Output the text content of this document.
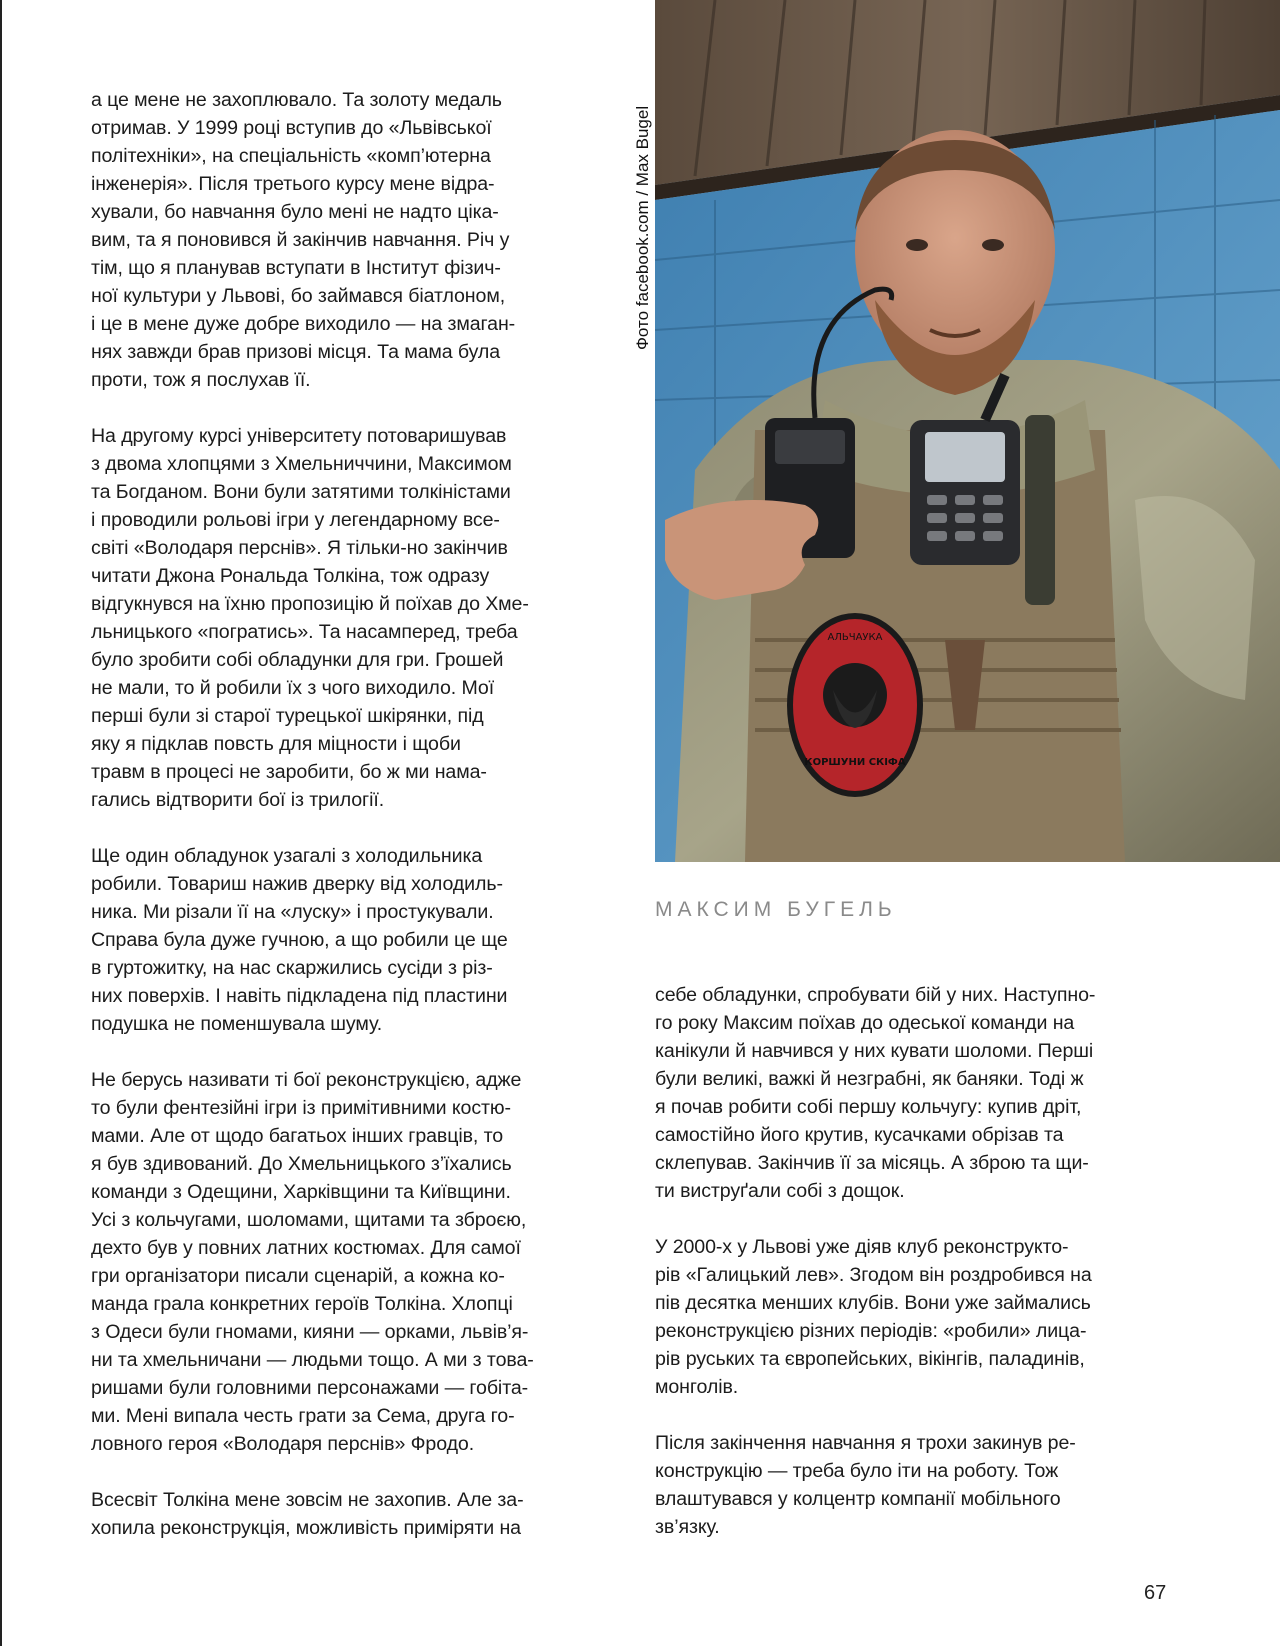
а це мене не захоплювало. Та золоту медаль
отримав. У 1999 році вступив до «Львівської
політехніки», на спеціальність «комп’ютерна
інженерія». Після третього курсу мене відра-
хували, бо навчання було мені не надто ціка-
вим, та я поновився й закінчив навчання. Річ у
тім, що я планував вступати в Інститут фізич-
ної культури у Львові, бо займався біатлоном,
і це в мене дуже добре виходило — на змаган-
нях завжди брав призові місця. Та мама була
проти, тож я послухав її.
На другому курсі університету потоваришував
з двома хлопцями з Хмельниччини, Максимом
та Богданом. Вони були затятими толкіністами
і проводили рольові ігри у легендарному все-
світі «Володаря перснів». Я тільки-но закінчив
читати Джона Рональда Толкіна, тож одразу
відгукнувся на їхню пропозицію й поїхав до Хме-
льницького «погратись». Та насамперед, треба
було зробити собі обладунки для гри. Грошей
не мали, то й робили їх з чого виходило. Мої
перші були зі старої турецької шкірянки, під
яку я підклав повсть для міцности і щоби
травм в процесі не заробити, бо ж ми нама-
гались відтворити бої із трилогії.
Ще один обладунок узагалі з холодильника
робили. Товариш нажив дверку від холодиль-
ника. Ми різали її на «луску» і простукували.
Справа була дуже гучною, а що робили це ще
в гуртожитку, на нас скаржились сусіди з різ-
них поверхів. І навіть підкладена під пластини
подушка не поменшувала шуму.
Не берусь називати ті бої реконструкцією, адже
то були фентезійні ігри із примітивними костю-
мами. Але от щодо багатьох інших гравців, то
я був здивований. До Хмельницького з’їхались
команди з Одещини, Харківщини та Київщини.
Усі з кольчугами, шоломами, щитами та зброєю,
дехто був у повних латних костюмах. Для самої
гри організатори писали сценарій, а кожна ко-
манда грала конкретних героїв Толкіна. Хлопці
з Одеси були гномами, кияни — орками, львів’я-
ни та хмельничани — людьми тощо. А ми з това-
ришами були головними персонажами — гобіта-
ми. Мені випала честь грати за Сема, друга го-
ловного героя «Володаря перснів» Фродо.
Всесвіт Толкіна мене зовсім не захопив. Але за-
хопила реконструкція, можливість приміряти на
АЛЬЧАУКА
КОРШУНИ СКІФА
Фото facebook.com / Max Bugel
МАКСИМ БУГЕЛЬ
себе обладунки, спробувати бій у них. Наступно-
го року Максим поїхав до одеської команди на
канікули й навчився у них кувати шоломи. Перші
були великі, важкі й незграбні, як баняки. Тоді ж
я почав робити собі першу кольчугу: купив дріт,
самостійно його крутив, кусачками обрізав та
склепував. Закінчив її за місяць. А зброю та щи-
ти виструґали собі з дощок.
У 2000-х у Львові уже діяв клуб реконструкто-
рів «Галицький лев». Згодом він роздробився на
пів десятка менших клубів. Вони уже займались
реконструкцією різних періодів: «робили» лица-
рів руських та європейських, вікінгів, паладинів,
монголів.
Після закінчення навчання я трохи закинув ре-
конструкцію — треба було іти на роботу. Тож
влаштувався у колцентр компанії мобільного
зв’язку.
67
